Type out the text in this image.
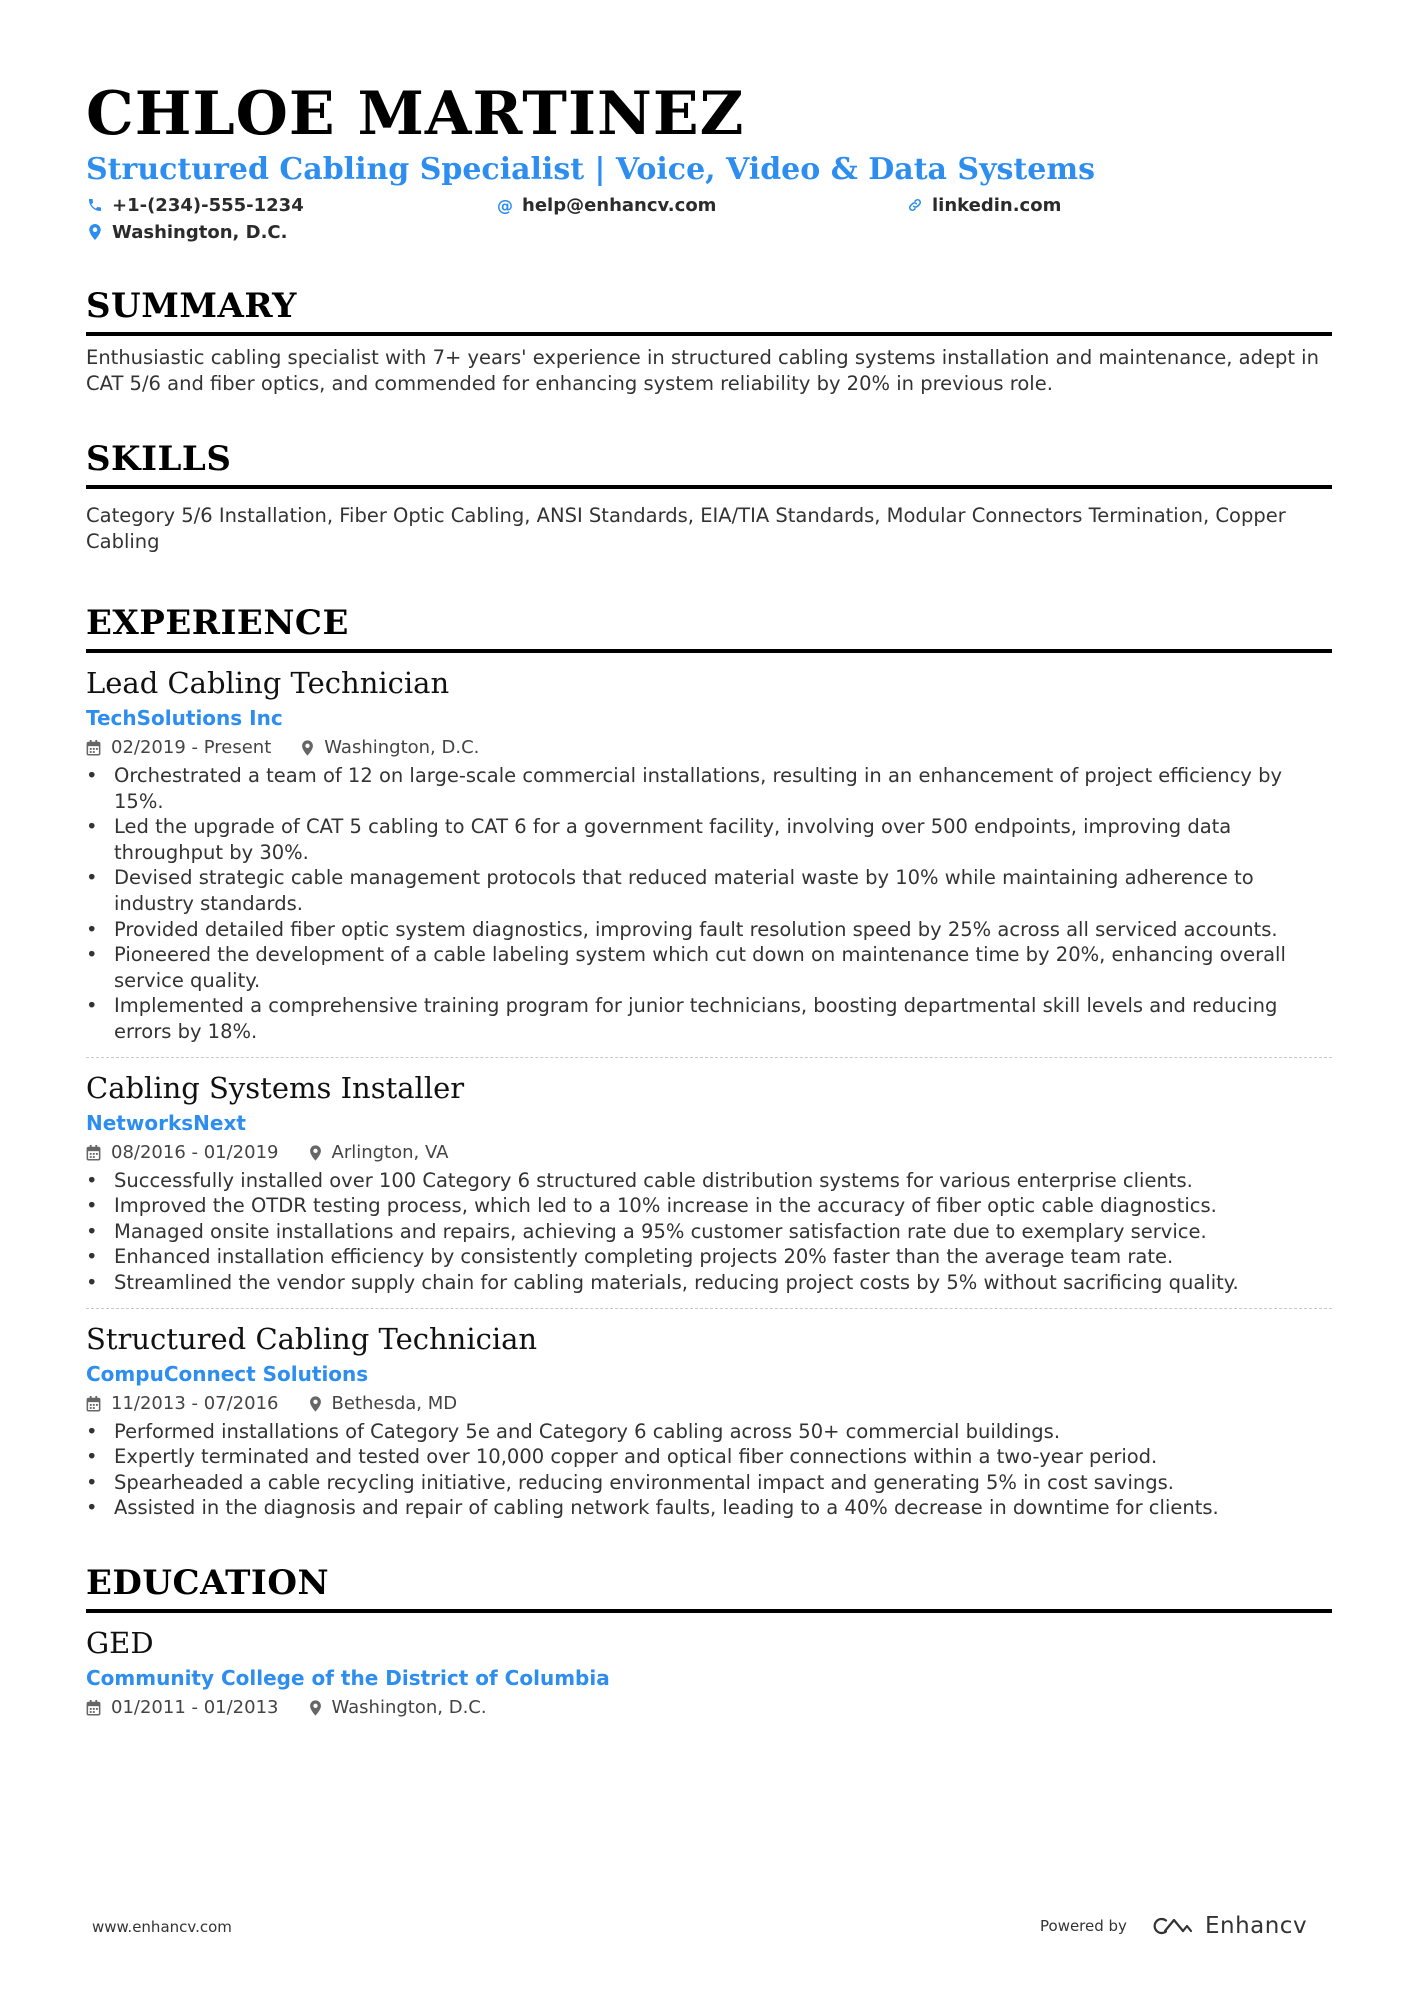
CHLOE MARTINEZ
Structured Cabling Specialist | Voice, Video & Data Systems
+1-(234)-555-1234	@ help@enhancv.com	linkedin.com
Washington, D.C.
SUMMARY
Enthusiastic cabling specialist with 7+ years' experience in structured cabling systems installation and maintenance, adept in CAT 5/6 and fiber optics, and commended for enhancing system reliability by 20% in previous role.
SKILLS
Category 5/6 Installation, Fiber Optic Cabling, ANSI Standards, EIA/TIA Standards, Modular Connectors Termination, Copper Cabling
EXPERIENCE
Lead Cabling Technician
TechSolutions Inc
02/2019 - Present	Washington, D.C.
• Orchestrated a team of 12 on large-scale commercial installations, resulting in an enhancement of project efficiency by 15%.
• Led the upgrade of CAT 5 cabling to CAT 6 for a government facility, involving over 500 endpoints, improving data throughput by 30%.
• Devised strategic cable management protocols that reduced material waste by 10% while maintaining adherence to industry standards.
• Provided detailed fiber optic system diagnostics, improving fault resolution speed by 25% across all serviced accounts.
• Pioneered the development of a cable labeling system which cut down on maintenance time by 20%, enhancing overall service quality.
• Implemented a comprehensive training program for junior technicians, boosting departmental skill levels and reducing errors by 18%.
Cabling Systems Installer
NetworksNext
08/2016 - 01/2019	Arlington, VA
• Successfully installed over 100 Category 6 structured cable distribution systems for various enterprise clients.
• Improved the OTDR testing process, which led to a 10% increase in the accuracy of fiber optic cable diagnostics.
• Managed onsite installations and repairs, achieving a 95% customer satisfaction rate due to exemplary service.
• Enhanced installation efficiency by consistently completing projects 20% faster than the average team rate.
• Streamlined the vendor supply chain for cabling materials, reducing project costs by 5% without sacrificing quality.
Structured Cabling Technician
CompuConnect Solutions
11/2013 - 07/2016	Bethesda, MD
• Performed installations of Category 5e and Category 6 cabling across 50+ commercial buildings.
• Expertly terminated and tested over 10,000 copper and optical fiber connections within a two-year period.
• Spearheaded a cable recycling initiative, reducing environmental impact and generating 5% in cost savings.
• Assisted in the diagnosis and repair of cabling network faults, leading to a 40% decrease in downtime for clients.
EDUCATION
GED
Community College of the District of Columbia
01/2011 - 01/2013	Washington, D.C.
www.enhancv.com	Powered by	Enhancv
